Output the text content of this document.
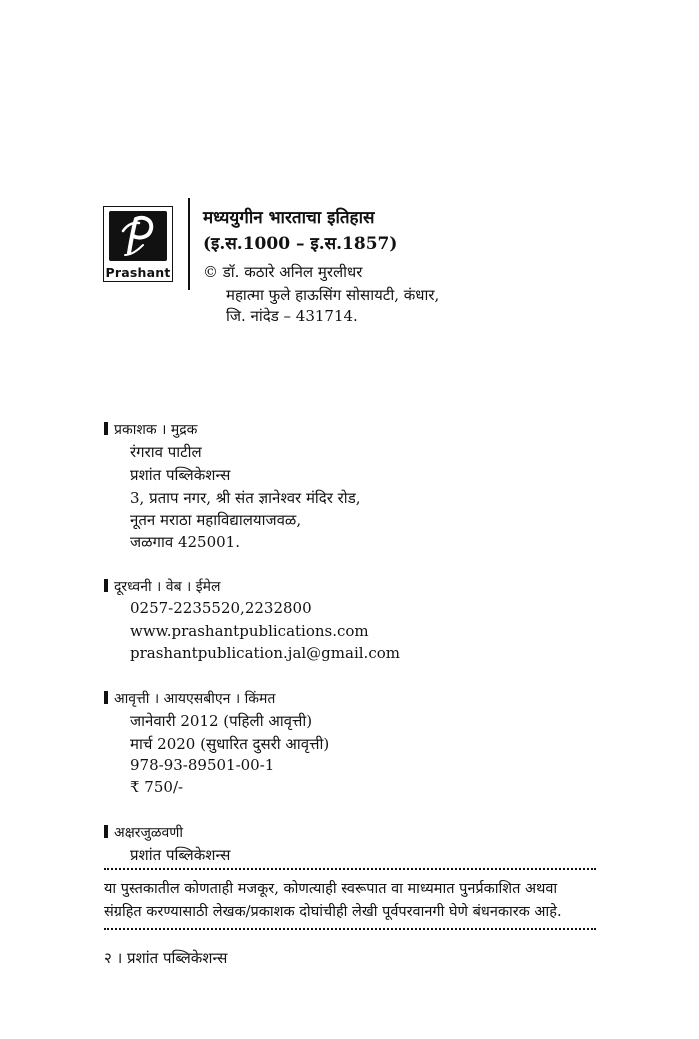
Prashant
मध्ययुगीन भारताचा इतिहास
(इ.स.1000 – इ.स.1857)
© डॉ. कठारे अनिल मुरलीधर
महात्मा फुले हाऊसिंग सोसायटी, कंधार,
जि. नांदेड – 431714.
प्रकाशक । मुद्रक
रंगराव पाटील
प्रशांत पब्लिकेशन्स
3, प्रताप नगर, श्री संत ज्ञानेश्वर मंदिर रोड,
नूतन मराठा महाविद्यालयाजवळ,
जळगाव 425001.
दूरध्वनी । वेब । ईमेल
0257-2235520,2232800
www.prashantpublications.com
prashantpublication.jal@gmail.com
आवृत्ती । आयएसबीएन । किंमत
जानेवारी 2012 (पहिली आवृत्ती)
मार्च 2020 (सुधारित दुसरी आवृत्ती)
978-93-89501-00-1
₹ 750/-
अक्षरजुळवणी
प्रशांत पब्लिकेशन्स
या पुस्तकातील कोणताही मजकूर, कोणत्याही स्वरूपात वा माध्यमात पुनर्प्रकाशित अथवा
संग्रहित करण्यासाठी लेखक/प्रकाशक दोघांचीही लेखी पूर्वपरवानगी घेणे बंधनकारक आहे.
२ । प्रशांत पब्लिकेशन्स
